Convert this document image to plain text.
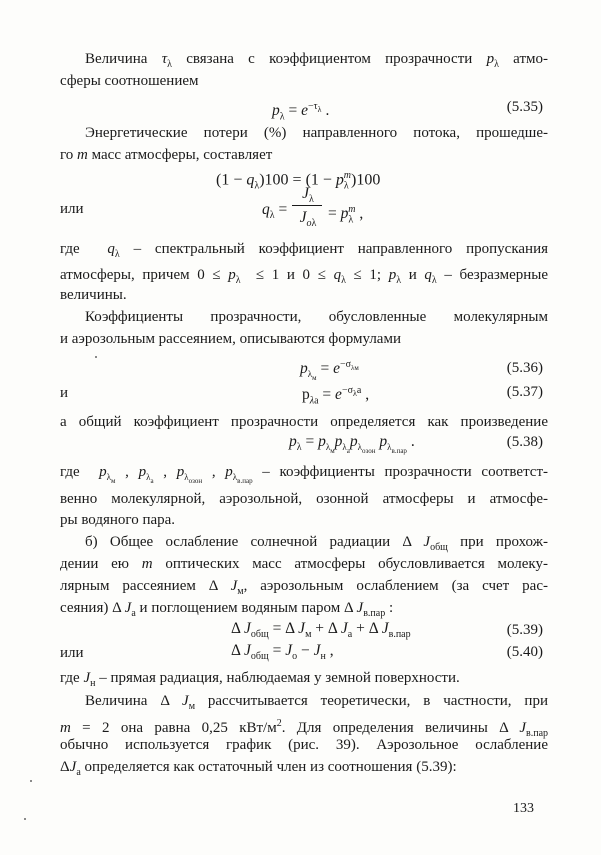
Величина $\tau_\lambda$ связана с коэффициентом прозрачности $p_\lambda$ атмо-
сферы соотношением
$p_\lambda = e^{-\tau_\lambda}$ .	(5.35)
Энергетические потери (%) направленного потока, прошедше-
го m масс атмосферы, составляет
$(1 - q_\lambda)100 = (1 - p_\lambda^m)100$
или	$q_\lambda$ =
$J_\lambda$
$J_{o\lambda}$
= $p_\lambda^m$ ,
где  $q_\lambda$ – спектральный коэффициент направленного пропускания
атмосферы, причем $0 \le p_\lambda \le 1$ и $0 \le q_\lambda \le 1$; $p_\lambda$ и $q_\lambda$ – безразмерные
величины.
Коэффициенты прозрачности, обусловленные молекулярным
и аэрозольным рассеянием, описываются формулами
$p_{\lambda_м} = e^{-\sigma_{\lambda м}}$	(5.36)
и	$p_{\lambda а} = e^{-\sigma_\lambda а}$ ,	(5.37)
а общий коэффициент прозрачности определяется как произведение
$p_\lambda = p_{\lambda_м}p_{\lambda_а}p_{\lambda_{озон}}$ $p_{\lambda_{в.пар}}$ .	(5.38)
где  $p_{\lambda_м}$ , $p_{\lambda_а}$ , $p_{\lambda_{озон}}$ , $p_{\lambda_{в.пар}}$ – коэффициенты прозрачности соответст-
венно молекулярной, аэрозольной, озонной атмосферы и атмосфе-
ры водяного пара.
б) Общее ослабление солнечной радиации Δ $J_{общ}$ при прохож-
дении ею m оптических масс атмосферы обусловливается молеку-
лярным рассеянием Δ $J_м$, аэрозольным ослаблением (за счет рас-
сеяния) Δ $J_а$ и поглощением водяным паром Δ $J_{в.пар}$ :
Δ $J_{общ} = \Delta$ $J_м + \Delta$ $J_а + \Delta$ $J_{в.пар}$	(5.39)
или	Δ $J_{общ} = J_о - J_н$ ,	(5.40)
где $J_н$ – прямая радиация, наблюдаемая у земной поверхности.
Величина Δ $J_м$ рассчитывается теоретически, в частности, при
m = 2 она равна 0,25 кВт/$м^2$. Для определения величины Δ $J_{в.пар}$
обычно используется график (рис. 39). Аэрозольное ослабление
$\Delta J_а$ определяется как остаточный член из соотношения (5.39):
133
